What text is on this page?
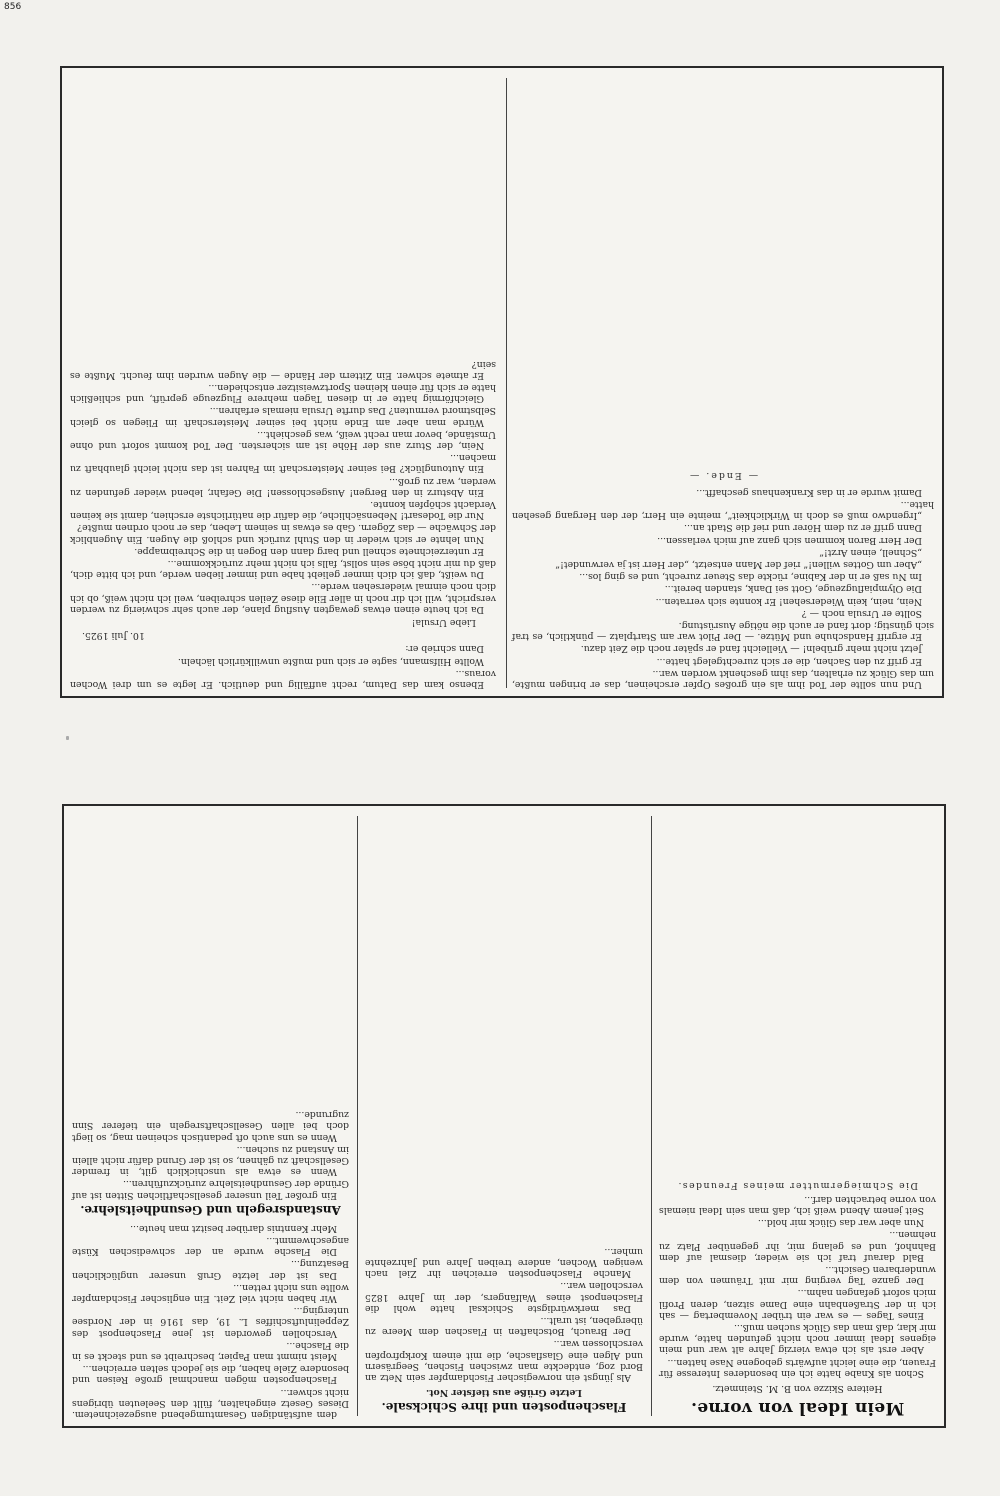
856

Ebenso kam das Datum, recht auffällig und deutlich. Er legte es um drei Wochen voraus...

Wollte Hilfsmann, sagte er sich und mußte unwillkürlich lächeln.

Dann schrieb er:

10. Juli 1925.
Liebe Ursula!

Da ich heute einen etwas gewagten Ausflug plane, der auch sehr schwierig zu werden verspricht, will ich dir noch in aller Eile diese Zeilen schreiben, weil ich nicht weiß, ob ich dich noch einmal wiedersehen werde...

Du weißt, daß ich dich immer geliebt habe und immer lieben werde, und ich bitte dich, daß du mir nicht böse sein sollst, falls ich nicht mehr zurückkomme...

Er unterzeichnete schnell und barg dann den Bogen in die Schreibmappe.

Nun lehnte er sich wieder in den Stuhl zurück und schloß die Augen. Ein Augenblick der Schwäche — das Zögern. Gab es etwas in seinem Leben, das er noch ordnen mußte?

Nur die Todesart! Nebensächliche, die dafür die natürlichste erschien, damit sie keinen Verdacht schöpfen konnte.

Ein Absturz in den Bergen! Ausgeschlossen! Die Gefahr, lebend wieder gefunden zu werden, war zu groß...

Ein Autounglück? Bei seiner Meisterschaft im Fahren ist das nicht leicht glaubhaft zu machen...

Nein, der Sturz aus der Höhe ist am sichersten. Der Tod kommt sofort und ohne Umstände, bevor man recht weiß, was geschieht...

Würde man aber am Ende nicht bei seiner Meisterschaft im Fliegen so gleich Selbstmord vermuten? Das durfte Ursula niemals erfahren...

Gleichförmig hatte er in diesen Tagen mehrere Flugzeuge geprüft, und schließlich hatte er sich für einen kleinen Sportzweisitzer entschieden...

Er atmete schwer. Ein Zittern der Hände — die Augen wurden ihm feucht. Mußte es sein?

Und nun sollte der Tod ihm als ein großes Opfer erscheinen, das er bringen mußte, um das Glück zu erhalten, das ihm geschenkt worden war...

Er griff zu den Sachen, die er sich zurechtgelegt hatte...

Jetzt nicht mehr grübeln! — Vielleicht fand er später noch die Zeit dazu.

Er ergriff Handschuhe und Mütze. — Der Pilot war am Startplatz — pünktlich, es traf sich günstig; dort fand er auch die nötige Ausrüstung.

Sollte er Ursula noch — ?

Nein, nein, kein Wiedersehen! Er konnte sich verraten...

Die Olympiaflugzeuge, Gott sei Dank, standen bereit...

Im Nu saß er in der Kabine, rückte das Steuer zurecht, und es ging los...

„Aber um Gottes willen!“ rief der Mann entsetzt, „der Herr ist ja verwundet!“

„Schnell, einen Arzt!“

Der Herr Baron kommen sich ganz auf mich verlassen...

Dann griff er zu dem Hörer und rief die Stadt an...

„Irgendwo muß es doch in Wirklichkeit“, meinte ein Herr, der den Hergang gesehen hatte...

Damit wurde er in das Krankenhaus geschafft...

— Ende. —
Mein Ideal von vorne.
Heitere Skizze von B. M. Steinmetz.

Schon als Knabe hatte ich ein besonderes Interesse für Frauen, die eine leicht aufwärts gebogene Nase hatten...

Aber erst als ich etwa vierzig Jahre alt war und mein eigenes Ideal immer noch nicht gefunden hatte, wurde mir klar, daß man das Glück suchen muß...

Eines Tages — es war ein trüber Novembertag — sah ich in der Straßenbahn eine Dame sitzen, deren Profil mich sofort gefangen nahm...

Der ganze Tag verging mir mit Träumen von dem wunderbaren Gesicht...

Bald darauf traf ich sie wieder, diesmal auf dem Bahnhof, und es gelang mir, ihr gegenüber Platz zu nehmen...

Nun aber war das Glück mir hold...

Seit jenem Abend weiß ich, daß man sein Ideal niemals von vorne betrachten darf...

Die Schmiegermutter meines Freundes.
Flaschenposten und ihre Schicksale.
Letzte Grüße aus tiefster Not.

Als jüngst ein norwegischer Fischdampfer sein Netz an Bord zog, entdeckte man zwischen Fischen, Seegräsern und Algen eine Glasflasche, die mit einem Korkpfropfen verschlossen war...

Der Brauch, Botschaften in Flaschen dem Meere zu übergeben, ist uralt...

Das merkwürdigste Schicksal hatte wohl die Flaschenpost eines Walfängers, der im Jahre 1825 verschollen war...

Manche Flaschenposten erreichen ihr Ziel nach wenigen Wochen, andere treiben Jahre und Jahrzehnte umher...

dem aufständigen Gesamtumgebend ausgezeichnetem. Dieses Gesetz eingehalten, füllt den Seeleuten übrigens nicht schwer...

Flaschenposten mögen manchmal große Reisen und besondere Ziele haben, die sie jedoch selten erreichen...

Meist nimmt man Papier, beschreibt es und steckt es in die Flasche...

Verschollen geworden ist jene Flaschenpost des Zeppelinluftschiffes L. 19, das 1916 in der Nordsee unterging...

Wir haben nicht viel Zeit. Ein englischer Fischdampfer wollte uns nicht retten...

Das ist der letzte Gruß unserer unglücklichen Besatzung...

Die Flasche wurde an der schwedischen Küste angeschwemmt...

Mehr Kenntnis darüber besitzt man heute...

Anstandsregeln und Gesundheitslehre.

Ein großer Teil unserer gesellschaftlichen Sitten ist auf Gründe der Gesundheitslehre zurückzuführen...

Wenn es etwa als unschicklich gilt, in fremder Gesellschaft zu gähnen, so ist der Grund dafür nicht allein im Anstand zu suchen...

Wenn es uns auch oft pedantisch scheinen mag, so liegt doch bei allen Gesellschaftsregeln ein tieferer Sinn zugrunde...
